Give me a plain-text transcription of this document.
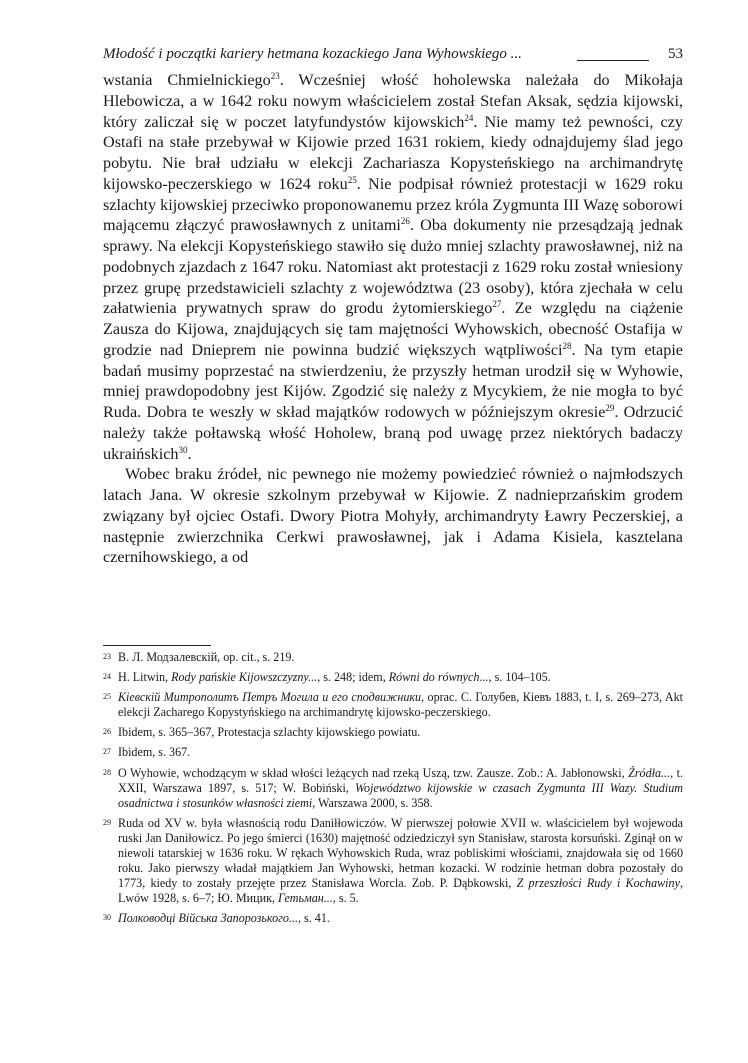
Młodość i początki kariery hetmana kozackiego Jana Wyhowskiego ...	53

wstania Chmielnickiego$^{23}$. Wcześniej włość hoholewska należała do Mikołaja Hlebowicza, a w 1642 roku nowym właścicielem został Stefan Aksak, sędzia kijowski, który zaliczał się w poczet latyfundystów kijowskich$^{24}$. Nie mamy też pewności, czy Ostafi na stałe przebywał w Kijowie przed 1631 rokiem, kiedy odnajdujemy ślad jego pobytu. Nie brał udziału w elekcji Zachariasza Kopysteńskiego na archimandrytę kijowsko-peczerskiego w 1624 roku$^{25}$. Nie podpisał również protestacji w 1629 roku szlachty kijowskiej przeciwko proponowanemu przez króla Zygmunta III Wazę soborowi mającemu złączyć prawosławnych z unitami$^{26}$. Oba dokumenty nie przesądzają jednak sprawy. Na elekcji Kopysteńskiego stawiło się dużo mniej szlachty prawosławnej, niż na podobnych zjazdach z 1647 roku. Natomiast akt protestacji z 1629 roku został wniesiony przez grupę przedstawicieli szlachty z województwa (23 osoby), która zjechała w celu załatwienia prywatnych spraw do grodu żytomierskiego$^{27}$. Ze względu na ciążenie Zausza do Kijowa, znajdujących się tam majętności Wyhowskich, obecność Ostafija w grodzie nad Dnieprem nie powinna budzić większych wątpliwości$^{28}$. Na tym etapie badań musimy poprzestać na stwierdzeniu, że przyszły hetman urodził się w Wyhowie, mniej prawdopodobny jest Kijów. Zgodzić się należy z Mycykiem, że nie mogła to być Ruda. Dobra te weszły w skład majątków rodowych w późniejszym okresie$^{29}$. Odrzucić należy także połtawską włość Hoholew, braną pod uwagę przez niektórych badaczy ukraińskich$^{30}$.

Wobec braku źródeł, nic pewnego nie możemy powiedzieć również o najmłodszych latach Jana. W okresie szkolnym przebywał w Kijowie. Z nadnieprzańskim grodem związany był ojciec Ostafi. Dwory Piotra Mohyły, archimandryty Ławry Peczerskiej, a następnie zwierzchnika Cerkwi prawosławnej, jak i Adama Kisiela, kasztelana czernihowskiego, a od

23 В. Л. Модзалевскій, op. cit., s. 219.
24 H. Litwin, Rody pańskie Kijowszczyzny..., s. 248; idem, Równi do równych..., s. 104–105.
25 Кіевскій Митрополитъ Петръ Могила и его сподвижники, oprac. С. Голубев, Кіевъ 1883, t. I, s. 269–273, Akt elekcji Zacharego Kopystyńskiego na archimandrytę kijowsko-peczerskiego.
26 Ibidem, s. 365–367, Protestacja szlachty kijowskiego powiatu.
27 Ibidem, s. 367.
28 O Wyhowie, wchodzącym w skład włości leżących nad rzeką Uszą, tzw. Zausze. Zob.: A. Jabłonowski, Źródła..., t. XXII, Warszawa 1897, s. 517; W. Bobiński, Województwo kijowskie w czasach Zygmunta III Wazy. Studium osadnictwa i stosunków własności ziemi, Warszawa 2000, s. 358.
29 Ruda od XV w. była własnością rodu Daniłłowiczów. W pierwszej połowie XVII w. właścicielem był wojewoda ruski Jan Daniłowicz. Po jego śmierci (1630) majętność odziedziczył syn Stanisław, starosta korsuński. Zginął on w niewoli tatarskiej w 1636 roku. W rękach Wyhowskich Ruda, wraz pobliskimi włościami, znajdowała się od 1660 roku. Jako pierwszy władał majątkiem Jan Wyhowski, hetman kozacki. W rodzinie hetman dobra pozostały do 1773, kiedy to zostały przejęte przez Stanisława Worcla. Zob. P. Dąbkowski, Z przeszłości Rudy i Kochawiny, Lwów 1928, s. 6–7; Ю. Мицик, Гетьман..., s. 5.
30 Полководці Війська Запорозького..., s. 41.
